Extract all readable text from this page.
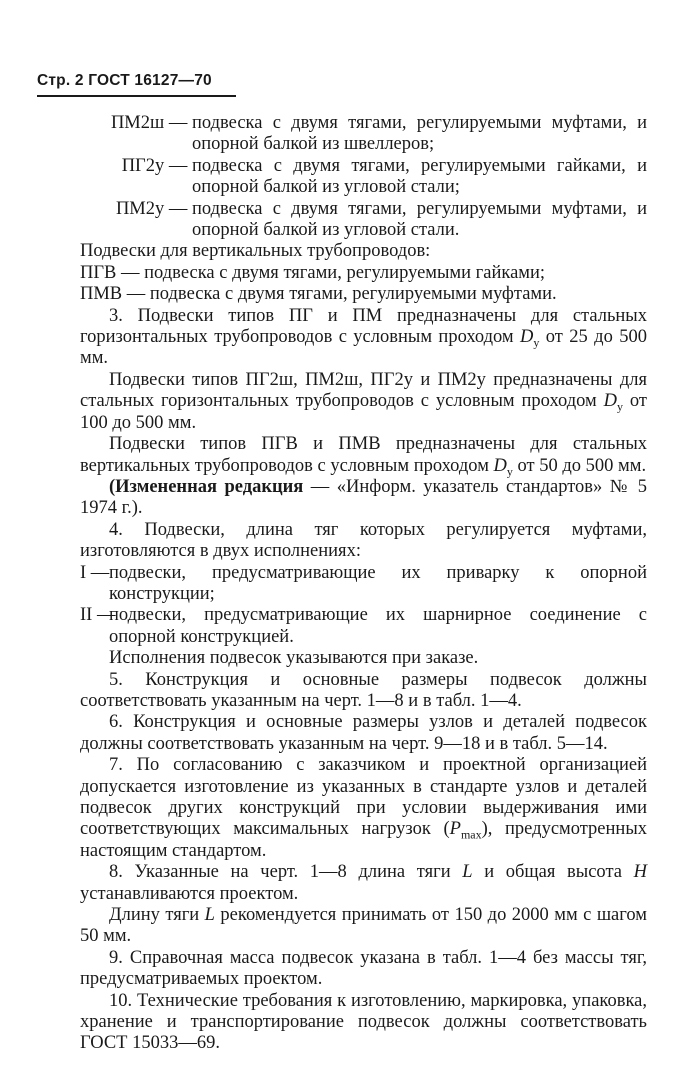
Стр. 2 ГОСТ 16127—70
ПМ2ш — подвеска с двумя тягами, регулируемыми муфтами, и опорной балкой из швеллеров;
ПГ2у — подвеска с двумя тягами, регулируемыми гайками, и опорной балкой из угловой стали;
ПМ2у — подвеска с двумя тягами, регулируемыми муфтами, и опорной балкой из угловой стали.

Подвески для вертикальных трубопроводов:

ПГВ — подвеска с двумя тягами, регулируемыми гайками;
ПМВ — подвеска с двумя тягами, регулируемыми муфтами.

3. Подвески типов ПГ и ПМ предназначены для стальных горизонтальных трубопроводов с условным проходом $D_у$ от 25 до 500 мм.

Подвески типов ПГ2ш, ПМ2ш, ПГ2у и ПМ2у предназначены для стальных горизонтальных трубопроводов с условным проходом $D_у$ от 100 до 500 мм.

Подвески типов ПГВ и ПМВ предназначены для стальных вертикальных трубопроводов с условным проходом $D_у$ от 50 до 500 мм.

(Измененная редакция — «Информ. указатель стандартов» № 5 1974 г.).

4. Подвески, длина тяг которых регулируется муфтами, изготовляются в двух исполнениях:

I —
подвески, предусматривающие их приварку к опорной конструкции;
II —
подвески, предусматривающие их шарнирное соединение с опорной конструкцией.

Исполнения подвесок указываются при заказе.

5. Конструкция и основные размеры подвесок должны соответствовать указанным на черт. 1—8 и в табл. 1—4.

6. Конструкция и основные размеры узлов и деталей подвесок должны соответствовать указанным на черт. 9—18 и в табл. 5—14.

7. По согласованию с заказчиком и проектной организацией допускается изготовление из указанных в стандарте узлов и деталей подвесок других конструкций при условии выдерживания ими соответствующих максимальных нагрузок $(P_{max})$, предусмотренных настоящим стандартом.

8. Указанные на черт. 1—8 длина тяги L и общая высота H устанавливаются проектом.

Длину тяги L рекомендуется принимать от 150 до 2000 мм с шагом 50 мм.

9. Справочная масса подвесок указана в табл. 1—4 без массы тяг, предусматриваемых проектом.

10. Технические требования к изготовлению, маркировка, упаковка, хранение и транспортирование подвесок должны соответствовать ГОСТ 15033—69.
